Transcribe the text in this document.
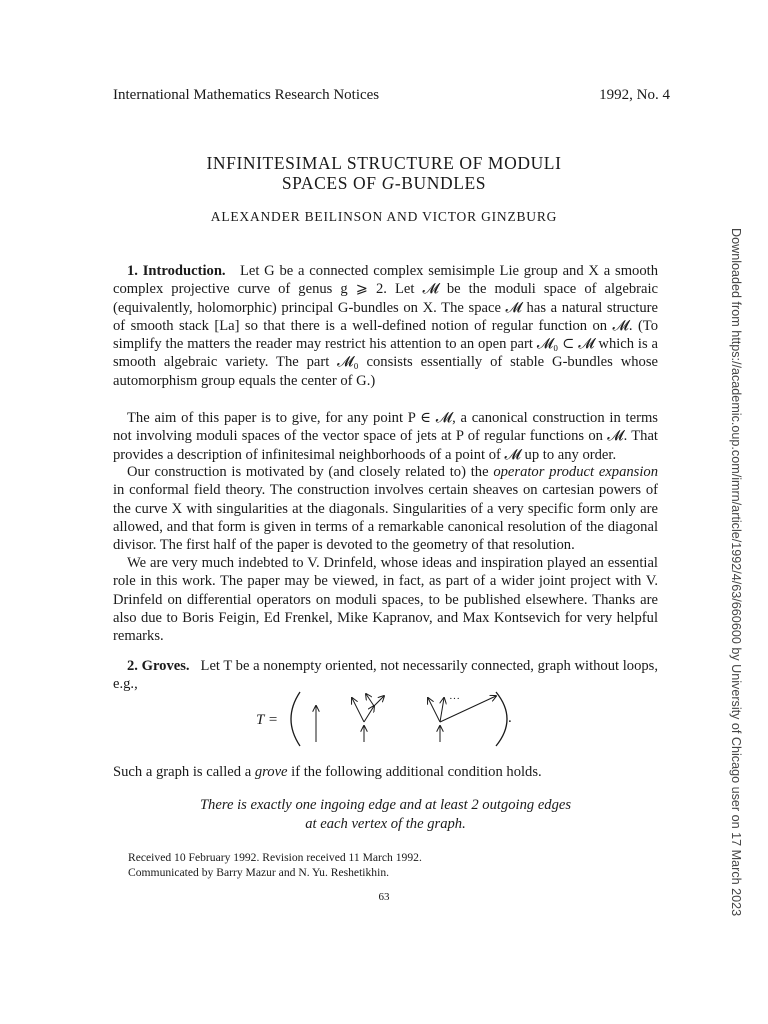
International Mathematics Research Notices	1992, No. 4
INFINITESIMAL STRUCTURE OF MODULI
SPACES OF G-BUNDLES
ALEXANDER BEILINSON AND VICTOR GINZBURG
Downloaded from https://academic.oup.com/imrn/article/1992/4/63/660600 by University of Chicago user on 17 March 2023
1. Introduction. Let G be a connected complex semisimple Lie group and X a smooth complex projective curve of genus g ⩾ 2. Let 𝓜 be the moduli space of algebraic (equivalently, holomorphic) principal G-bundles on X. The space 𝓜 has a natural structure of smooth stack [La] so that there is a well-defined notion of regular function on 𝓜. (To simplify the matters the reader may restrict his attention to an open part 𝓜₀ ⊂ 𝓜 which is a smooth algebraic variety. The part 𝓜₀ consists essentially of stable G-bundles whose automorphism group equals the center of G.)
The aim of this paper is to give, for any point P ∈ 𝓜, a canonical construction in terms not involving moduli spaces of the vector space of jets at P of regular functions on 𝓜. That provides a description of infinitesimal neighborhoods of a point of 𝓜 up to any order.
Our construction is motivated by (and closely related to) the operator product expansion in conformal field theory. The construction involves certain sheaves on cartesian powers of the curve X with singularities at the diagonals. Singularities of a very specific form only are allowed, and that form is given in terms of a remarkable canonical resolution of the diagonal divisor. The first half of the paper is devoted to the geometry of that resolution.
We are very much indebted to V. Drinfeld, whose ideas and inspiration played an essential role in this work. The paper may be viewed, in fact, as part of a wider joint project with V. Drinfeld on differential operators on moduli spaces, to be published elsewhere. Thanks are also due to Boris Feigin, Ed Frenkel, Mike Kapranov, and Max Kontsevich for very helpful remarks.
2. Groves. Let T be a nonempty oriented, not necessarily connected, graph without loops, e.g.,
T =
···
.
Such a graph is called a grove if the following additional condition holds.
There is exactly one ingoing edge and at least 2 outgoing edges
at each vertex of the graph.
Received 10 February 1992. Revision received 11 March 1992.
Communicated by Barry Mazur and N. Yu. Reshetikhin.
63
